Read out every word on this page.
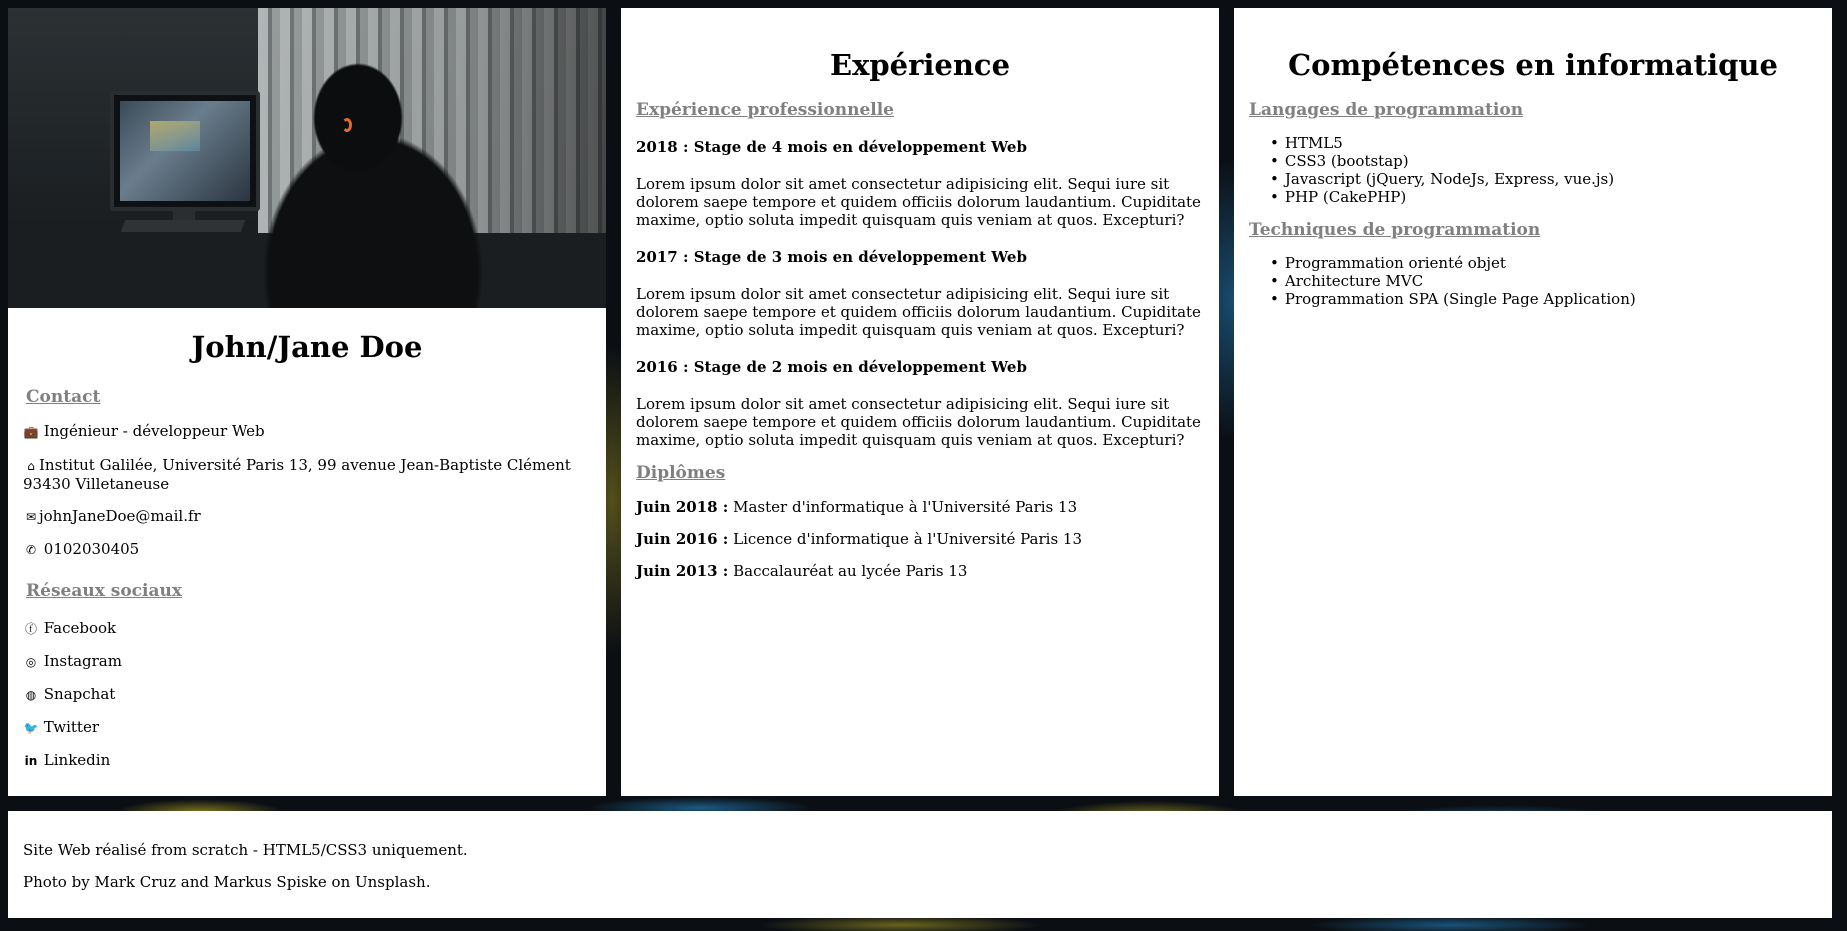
John/Jane Doe
Contact
💼 Ingénieur - développeur Web
⌂ Institut Galilée, Université Paris 13, 99 avenue Jean-Baptiste Clément 93430 Villetaneuse
✉ johnJaneDoe@mail.fr
✆ 0102030405
Réseaux sociaux
ⓕ Facebook
◎ Instagram
◍ Snapchat
🐦 Twitter
in Linkedin
Expérience
Expérience professionnelle
2018 : Stage de 4 mois en développement Web
Lorem ipsum dolor sit amet consectetur adipisicing elit. Sequi iure sit dolorem saepe tempore et quidem officiis dolorum laudantium. Cupiditate maxime, optio soluta impedit quisquam quis veniam at quos. Excepturi?
2017 : Stage de 3 mois en développement Web
Lorem ipsum dolor sit amet consectetur adipisicing elit. Sequi iure sit dolorem saepe tempore et quidem officiis dolorum laudantium. Cupiditate maxime, optio soluta impedit quisquam quis veniam at quos. Excepturi?
2016 : Stage de 2 mois en développement Web
Lorem ipsum dolor sit amet consectetur adipisicing elit. Sequi iure sit dolorem saepe tempore et quidem officiis dolorum laudantium. Cupiditate maxime, optio soluta impedit quisquam quis veniam at quos. Excepturi?
Diplômes
Juin 2018 : Master d'informatique à l'Université Paris 13
Juin 2016 : Licence d'informatique à l'Université Paris 13
Juin 2013 : Baccalauréat au lycée Paris 13
Compétences en informatique
Langages de programmation
• HTML5
• CSS3 (bootstap)
• Javascript (jQuery, NodeJs, Express, vue.js)
• PHP (CakePHP)
Techniques de programmation
• Programmation orienté objet
• Architecture MVC
• Programmation SPA (Single Page Application)
Site Web réalisé from scratch - HTML5/CSS3 uniquement.
Photo by Mark Cruz and Markus Spiske on Unsplash.
